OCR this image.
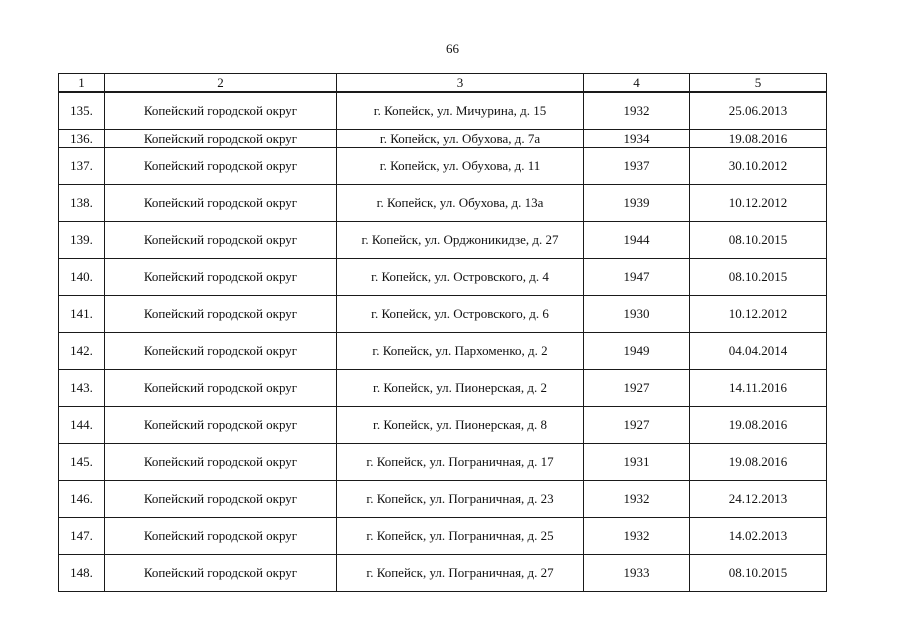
66
1	2	3	4	5
135.	Копейский городской округ	г. Копейск, ул. Мичурина, д. 15	1932	25.06.2013
136.	Копейский городской округ	г. Копейск, ул. Обухова, д. 7а	1934	19.08.2016
137.	Копейский городской округ	г. Копейск, ул. Обухова, д. 11	1937	30.10.2012
138.	Копейский городской округ	г. Копейск, ул. Обухова, д. 13а	1939	10.12.2012
139.	Копейский городской округ	г. Копейск, ул. Орджоникидзе, д. 27	1944	08.10.2015
140.	Копейский городской округ	г. Копейск, ул. Островского, д. 4	1947	08.10.2015
141.	Копейский городской округ	г. Копейск, ул. Островского, д. 6	1930	10.12.2012
142.	Копейский городской округ	г. Копейск, ул. Пархоменко, д. 2	1949	04.04.2014
143.	Копейский городской округ	г. Копейск, ул. Пионерская, д. 2	1927	14.11.2016
144.	Копейский городской округ	г. Копейск, ул. Пионерская, д. 8	1927	19.08.2016
145.	Копейский городской округ	г. Копейск, ул. Пограничная, д. 17	1931	19.08.2016
146.	Копейский городской округ	г. Копейск, ул. Пограничная, д. 23	1932	24.12.2013
147.	Копейский городской округ	г. Копейск, ул. Пограничная, д. 25	1932	14.02.2013
148.	Копейский городской округ	г. Копейск, ул. Пограничная, д. 27	1933	08.10.2015
